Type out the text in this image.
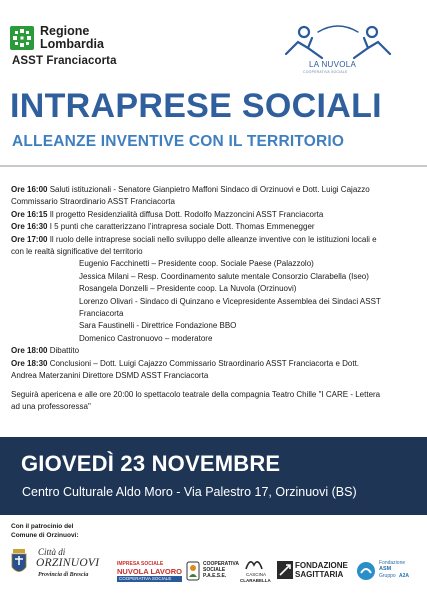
Regione
Lombardia
ASST Franciacorta	LA NUVOLA
COOPERATIVA SOCIALE
INTRAPRESE SOCIALI
ALLEANZE INVENTIVE CON IL TERRITORIO
Ore 16:00 Saluti istituzionali - Senatore Gianpietro Maffoni Sindaco di Orzinuovi e Dott. Luigi Cajazzo
Commissario Straordinario ASST Franciacorta
Ore 16:15 Il progetto Residenzialità diffusa Dott. Rodolfo Mazzoncini ASST Franciacorta
Ore 16:30 I 5 punti che caratterizzano l’intrapresa sociale Dott. Thomas Emmenegger
Ore 17:00 Il ruolo delle intraprese sociali nello sviluppo delle alleanze inventive con le istituzioni locali e
con le realtà significative del territorio
Eugenio Facchinetti – Presidente coop. Sociale Paese (Palazzolo)
Jessica Milani – Resp. Coordinamento salute mentale Consorzio Clarabella (Iseo)
Rosangela Donzelli – Presidente coop. La Nuvola (Orzinuovi)
Lorenzo Olivari - Sindaco di Quinzano e Vicepresidente Assemblea dei Sindaci ASST
Franciacorta
Sara Faustinelli - Direttrice Fondazione BBO
Domenico Castronuovo – moderatore
Ore 18:00 Dibattito
Ore 18:30 Conclusioni – Dott. Luigi Cajazzo Commissario Straordinario ASST Franciacorta e Dott.
Andrea Materzanini Direttore DSMD ASST Franciacorta
Seguirà apericena e alle ore 20:00 lo spettacolo teatrale della compagnia Teatro Chille "I CARE - Lettera
ad una professoressa"
GIOVEDÌ 23 NOVEMBRE
Centro Culturale Aldo Moro - Via Palestro 17, Orzinuovi (BS)
Con il patrocinio del
Comune di Orzinuovi:
Città di
ORZINUOVI
Provincia di Brescia
IMPRESA SOCIALE
NUVOLA LAVORO
COOPERATIVA SOCIALE
COOPERATIVA
SOCIALE
P.A.E.S.E.	CASCINA
CLARABELLA
FONDAZIONE
SAGITTARIA
Fondazione
ASM
Gruppo A2A
